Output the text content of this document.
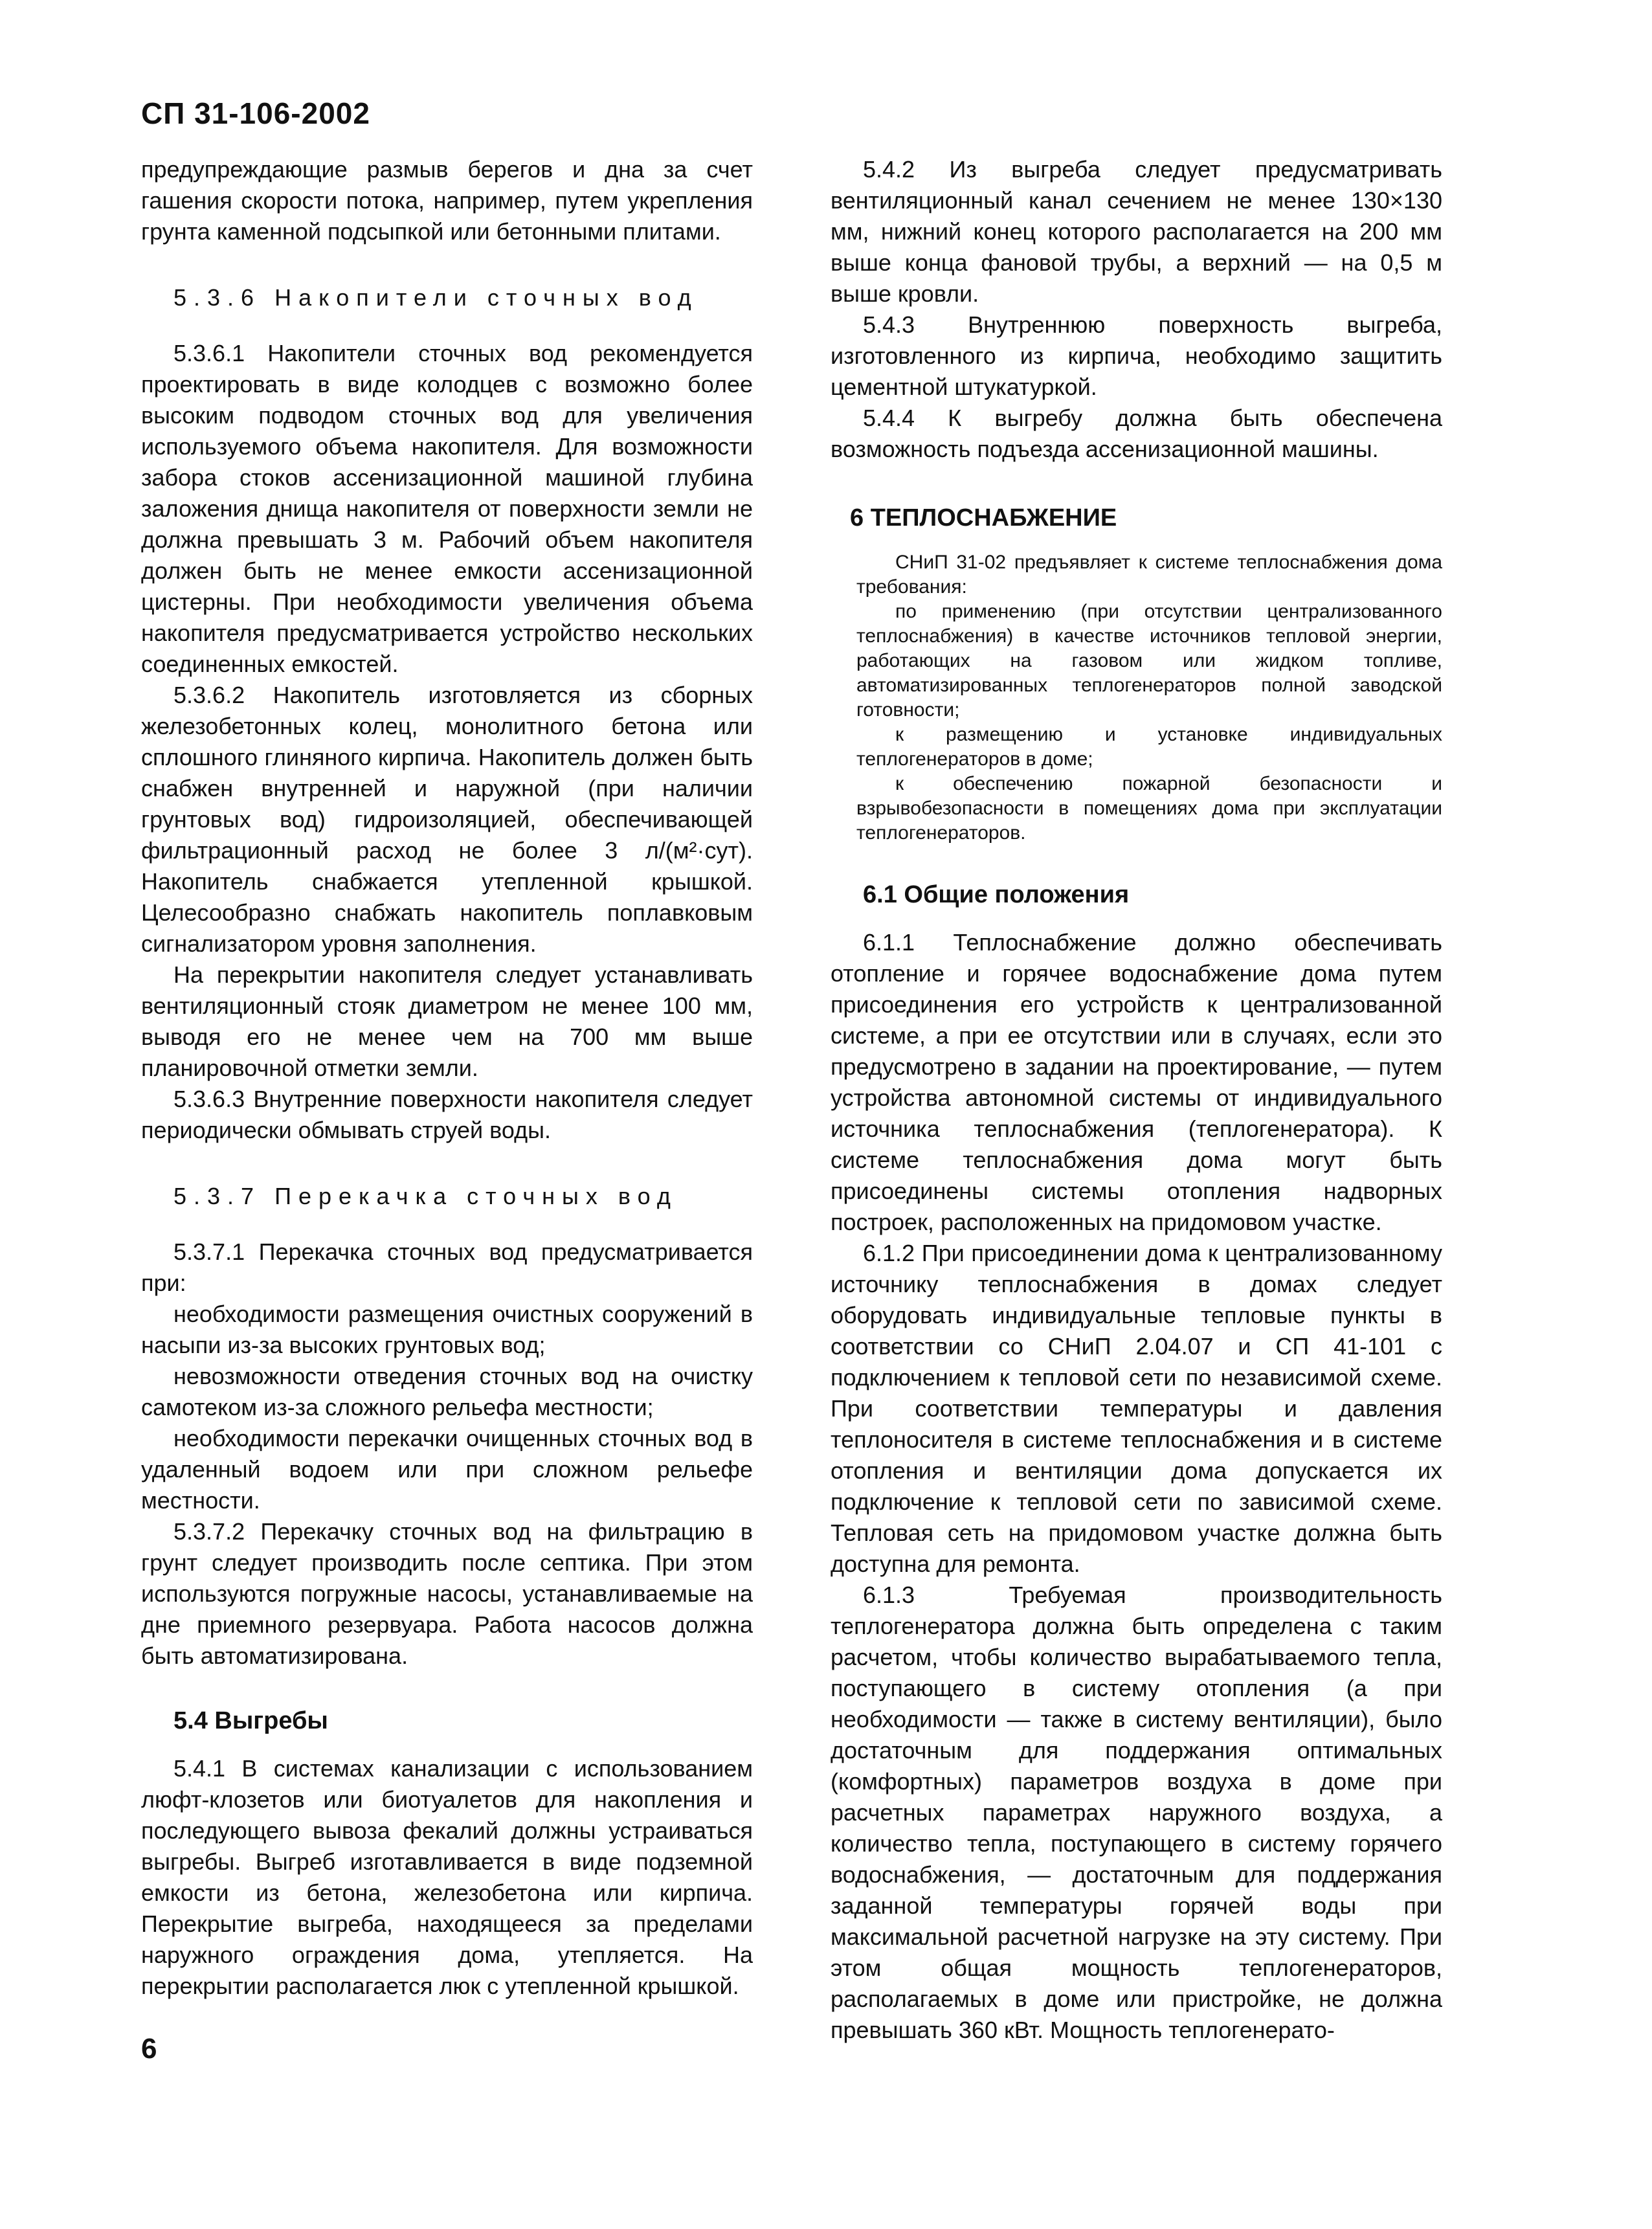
СП 31-106-2002

предупреждающие размыв берегов и дна за счет гашения скорости потока, например, путем укрепления грунта каменной подсыпкой или бетонными плитами.

5.3.6 Накопители сточных вод

5.3.6.1 Накопители сточных вод рекомендуется проектировать в виде колодцев с возможно более высоким подводом сточных вод для увеличения используемого объема накопителя. Для возможности забора стоков ассенизационной машиной глубина заложения днища накопителя от поверхности земли не должна превышать 3 м. Рабочий объем накопителя должен быть не менее емкости ассенизационной цистерны. При необходимости увеличения объема накопителя предусматривается устройство нескольких соединенных емкостей.

5.3.6.2 Накопитель изготовляется из сборных железобетонных колец, монолитного бетона или сплошного глиняного кирпича. Накопитель должен быть снабжен внутренней и наружной (при наличии грунтовых вод) гидроизоляцией, обеспечивающей фильтрационный расход не более 3 л/(м²·сут). Накопитель снабжается утепленной крышкой. Целесообразно снабжать накопитель поплавковым сигнализатором уровня заполнения.

На перекрытии накопителя следует устанавливать вентиляционный стояк диаметром не менее 100 мм, выводя его не менее чем на 700 мм выше планировочной отметки земли.

5.3.6.3 Внутренние поверхности накопителя следует периодически обмывать струей воды.

5.3.7 Перекачка сточных вод

5.3.7.1 Перекачка сточных вод предусматривается при:

необходимости размещения очистных сооружений в насыпи из-за высоких грунтовых вод;

невозможности отведения сточных вод на очистку самотеком из-за сложного рельефа местности;

необходимости перекачки очищенных сточных вод в удаленный водоем или при сложном рельефе местности.

5.3.7.2 Перекачку сточных вод на фильтрацию в грунт следует производить после септика. При этом используются погружные насосы, устанавливаемые на дне приемного резервуара. Работа насосов должна быть автоматизирована.

5.4 Выгребы

5.4.1 В системах канализации с использованием люфт-клозетов или биотуалетов для накопления и последующего вывоза фекалий должны устраиваться выгребы. Выгреб изготавливается в виде подземной емкости из бетона, железобетона или кирпича. Перекрытие выгреба, находящееся за пределами наружного ограждения дома, утепляется. На перекрытии располагается люк с утепленной крышкой.

5.4.2 Из выгреба следует предусматривать вентиляционный канал сечением не менее 130×130 мм, нижний конец которого располагается на 200 мм выше конца фановой трубы, а верхний — на 0,5 м выше кровли.

5.4.3 Внутреннюю поверхность выгреба, изготовленного из кирпича, необходимо защитить цементной штукатуркой.

5.4.4 К выгребу должна быть обеспечена возможность подъезда ассенизационной машины.

6 ТЕПЛОСНАБЖЕНИЕ

СНиП 31-02 предъявляет к системе теплоснабжения дома требования:

по применению (при отсутствии централизованного теплоснабжения) в качестве источников тепловой энергии, работающих на газовом или жидком топливе, автоматизированных теплогенераторов полной заводской готовности;

к размещению и установке индивидуальных теплогенераторов в доме;

к обеспечению пожарной безопасности и взрывобезопасности в помещениях дома при эксплуатации теплогенераторов.

6.1 Общие положения

6.1.1 Теплоснабжение должно обеспечивать отопление и горячее водоснабжение дома путем присоединения его устройств к централизованной системе, а при ее отсутствии или в случаях, если это предусмотрено в задании на проектирование, — путем устройства автономной системы от индивидуального источника теплоснабжения (теплогенератора). К системе теплоснабжения дома могут быть присоединены системы отопления надворных построек, расположенных на придомовом участке.

6.1.2 При присоединении дома к централизованному источнику теплоснабжения в домах следует оборудовать индивидуальные тепловые пункты в соответствии со СНиП 2.04.07 и СП 41-101 с подключением к тепловой сети по независимой схеме. При соответствии температуры и давления теплоносителя в системе теплоснабжения и в системе отопления и вентиляции дома допускается их подключение к тепловой сети по зависимой схеме. Тепловая сеть на придомовом участке должна быть доступна для ремонта.

6.1.3 Требуемая производительность теплогенератора должна быть определена с таким расчетом, чтобы количество вырабатываемого тепла, поступающего в систему отопления (а при необходимости — также в систему вентиляции), было достаточным для поддержания оптимальных (комфортных) параметров воздуха в доме при расчетных параметрах наружного воздуха, а количество тепла, поступающего в систему горячего водоснабжения, — достаточным для поддержания заданной температуры горячей воды при максимальной расчетной нагрузке на эту систему. При этом общая мощность теплогенераторов, располагаемых в доме или пристройке, не должна превышать 360 кВт. Мощность теплогенерато-

6
